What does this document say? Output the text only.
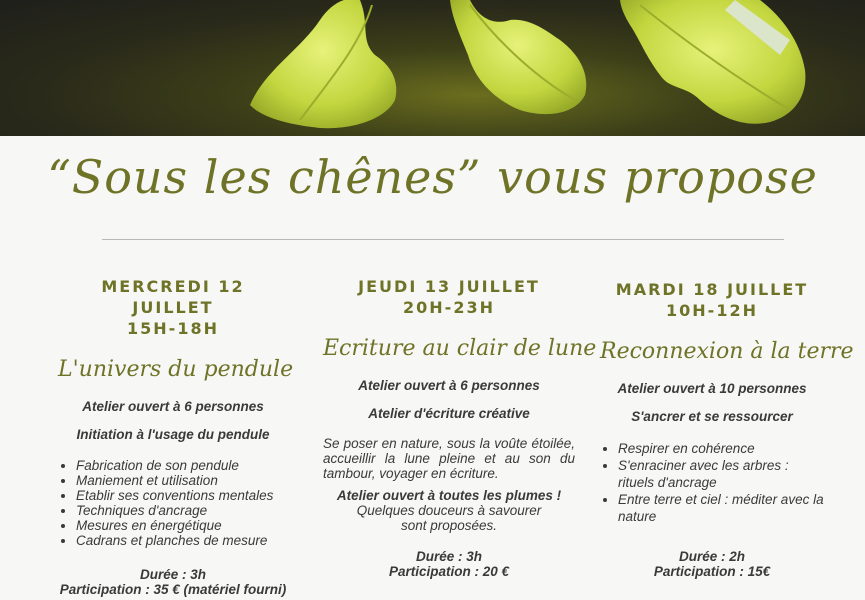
“Sous les chênes” vous propose
MERCREDI 12 JUILLET
15H-18H
L'univers du pendule
Atelier ouvert à 6 personnes
Initiation à l'usage du pendule
• Fabrication de son pendule
• Maniement et utilisation
• Etablir ses conventions mentales
• Techniques d'ancrage
• Mesures en énergétique
• Cadrans et planches de mesure
Durée : 3h
Participation : 35 € (matériel fourni)
JEUDI 13 JUILLET
20H-23H
Ecriture au clair de lune
Atelier ouvert à 6 personnes
Atelier d'écriture créative
Se poser en nature, sous la voûte étoilée, accueillir la lune pleine et au son du tambour, voyager en écriture.
Atelier ouvert à toutes les plumes !
Quelques douceurs à savourer sont proposées.
Durée : 3h
Participation : 20 €
MARDI 18 JUILLET
10H-12H
Reconnexion à la terre
Atelier ouvert à 10 personnes
S'ancrer et se ressourcer
• Respirer en cohérence
• S'enraciner avec les arbres : rituels d'ancrage
• Entre terre et ciel : méditer avec la nature
Durée : 2h
Participation : 15€
